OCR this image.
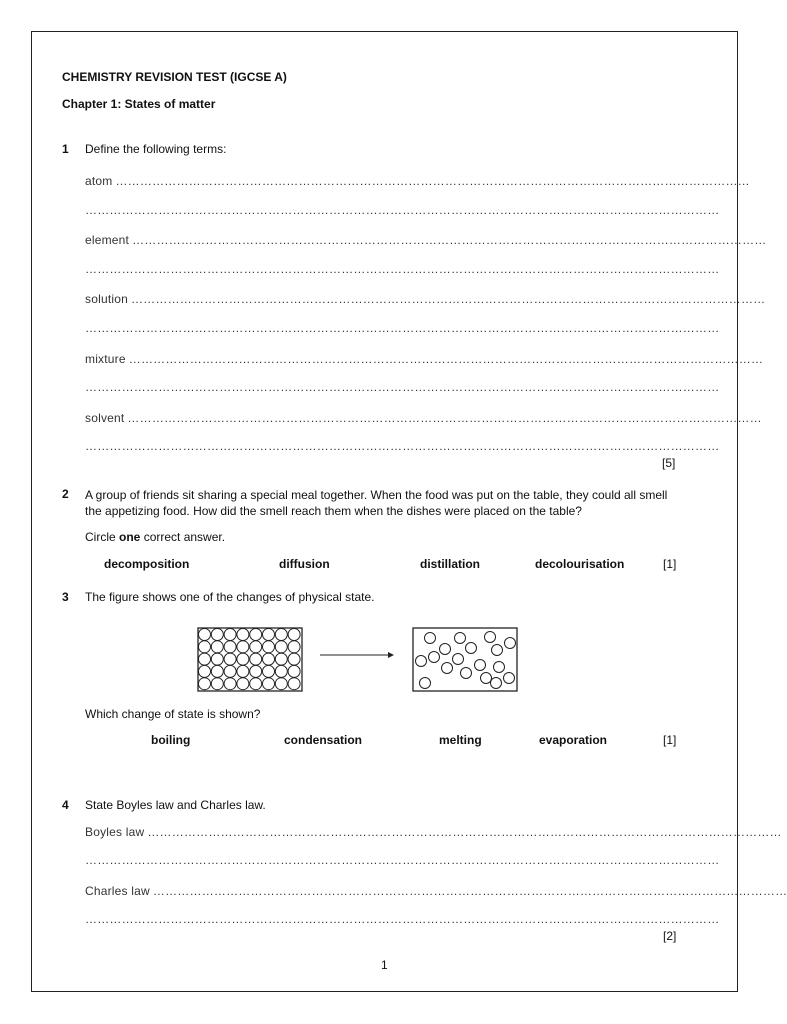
CHEMISTRY REVISION TEST (IGCSE A)
Chapter 1: States of matter
1 Define the following terms:
atom …………………………………………………………………………………………………………………………………………
…………………………………………………………………………………………………………………………………………
element …………………………………………………………………………………………………………………………………………
…………………………………………………………………………………………………………………………………………
solution …………………………………………………………………………………………………………………………………………
…………………………………………………………………………………………………………………………………………
mixture …………………………………………………………………………………………………………………………………………
…………………………………………………………………………………………………………………………………………
solvent …………………………………………………………………………………………………………………………………………
…………………………………………………………………………………………………………………………………………
[5]
2 A group of friends sit sharing a special meal together. When the food was put on the table, they could all smell the appetizing food. How did the smell reach them when the dishes were placed on the table?
Circle one correct answer.
decomposition	diffusion	distillation	decolourisation	[1]
3 The figure shows one of the changes of physical state.
Which change of state is shown?
boiling	condensation	melting	evaporation	[1]
4 State Boyles law and Charles law.
Boyles law …………………………………………………………………………………………………………………………………………
…………………………………………………………………………………………………………………………………………
Charles law …………………………………………………………………………………………………………………………………………
…………………………………………………………………………………………………………………………………………
[2]
1
